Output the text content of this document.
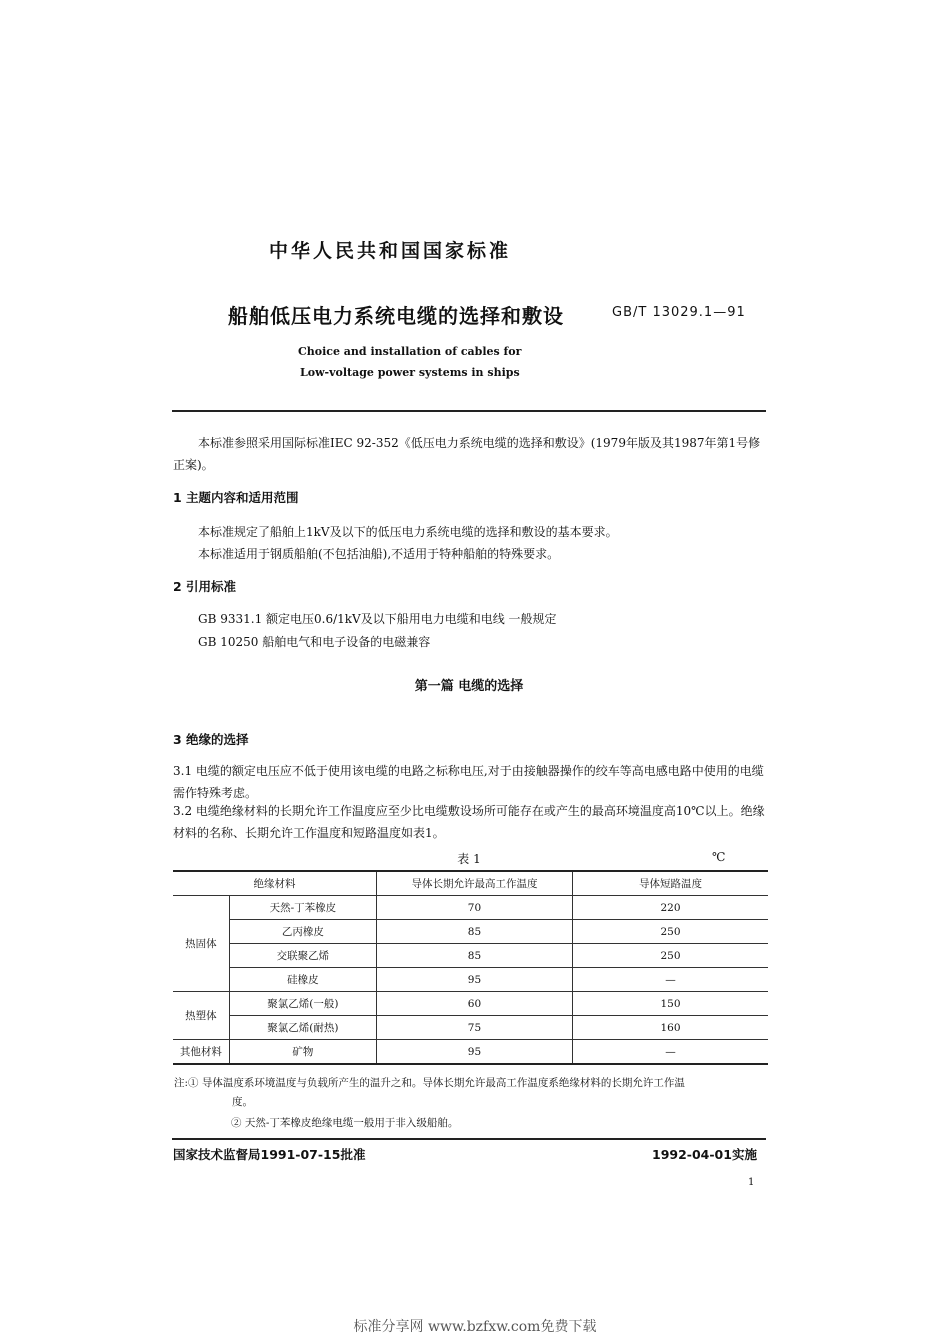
中华人民共和国国家标准
船舶低压电力系统电缆的选择和敷设	GB/T 13029.1—91
Choice and installation of cables for
Low-voltage power systems in ships
本标准参照采用国际标准IEC 92-352《低压电力系统电缆的选择和敷设》(1979年版及其1987年第1号修正案)。
1 主题内容和适用范围
本标准规定了船舶上1kV及以下的低压电力系统电缆的选择和敷设的基本要求。
本标准适用于钢质船舶(不包括油船),不适用于特种船舶的特殊要求。
2 引用标准
GB 9331.1 额定电压0.6/1kV及以下船用电力电缆和电线 一般规定
GB 10250 船舶电气和电子设备的电磁兼容
第一篇 电缆的选择
3 绝缘的选择
3.1 电缆的额定电压应不低于使用该电缆的电路之标称电压,对于由接触器操作的绞车等高电感电路中使用的电缆需作特殊考虑。
3.2 电缆绝缘材料的长期允许工作温度应至少比电缆敷设场所可能存在或产生的最高环境温度高10℃以上。绝缘材料的名称、长期允许工作温度和短路温度如表1。
表 1	℃
绝缘材料		导体长期允许最高工作温度	导体短路温度
热固体	天然-丁苯橡皮	70	220
	乙丙橡皮	85	250
	交联聚乙烯	85	250
	硅橡皮	95	—
热塑体	聚氯乙烯(一般)	60	150
	聚氯乙烯(耐热)	75	160
其他材料	矿物	95	—
注:① 导体温度系环境温度与负载所产生的温升之和。导体长期允许最高工作温度系绝缘材料的长期允许工作温
度。
② 天然-丁苯橡皮绝缘电缆一般用于非入级船舶。
国家技术监督局1991-07-15批准	1992-04-01实施
1
标准分享网 www.bzfxw.com免费下载
